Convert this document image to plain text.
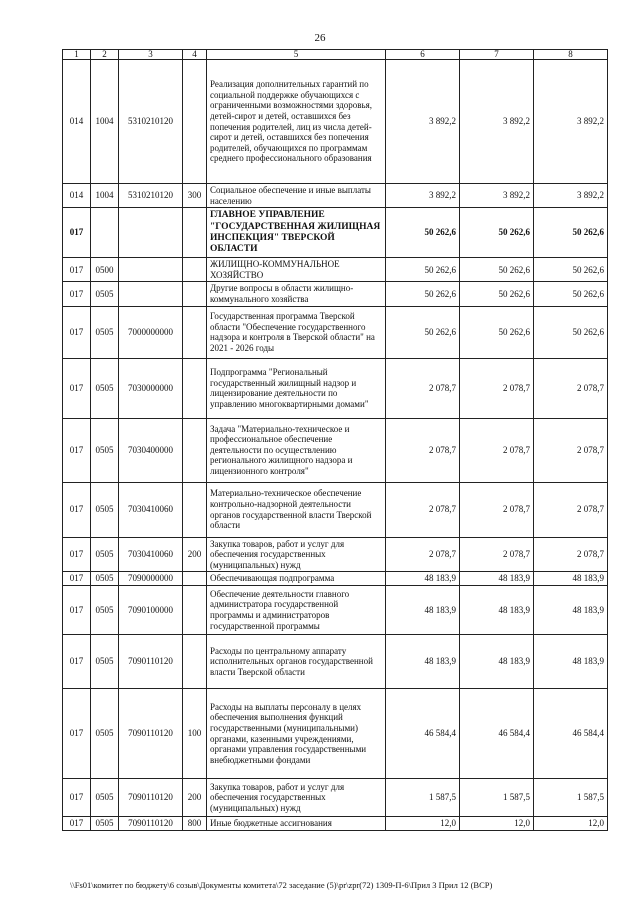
26
1	2	3	4	5	6	7	8
014	1004	5310210120		Реализация дополнительных гарантий по социальной поддержке обучающихся с ограниченными возможностями здоровья, детей-сирот и детей, оставшихся без попечения родителей, лиц из числа детей-сирот и детей, оставшихся без попечения родителей, обучающихся по программам среднего профессионального образования	3 892,2	3 892,2	3 892,2
014	1004	5310210120	300	Социальное обеспечение и иные выплаты населению	3 892,2	3 892,2	3 892,2
017				ГЛАВНОЕ УПРАВЛЕНИЕ "ГОСУДАРСТВЕННАЯ ЖИЛИЩНАЯ ИНСПЕКЦИЯ" ТВЕРСКОЙ ОБЛАСТИ	50 262,6	50 262,6	50 262,6
017	0500			ЖИЛИЩНО-КОММУНАЛЬНОЕ ХОЗЯЙСТВО	50 262,6	50 262,6	50 262,6
017	0505			Другие вопросы в области жилищно-коммунального хозяйства	50 262,6	50 262,6	50 262,6
017	0505	7000000000		Государственная программа Тверской области "Обеспечение государственного надзора и контроля в Тверской области" на 2021 - 2026 годы	50 262,6	50 262,6	50 262,6
017	0505	7030000000		Подпрограмма "Региональный государственный жилищный надзор и лицензирование деятельности по управлению многоквартирными домами"	2 078,7	2 078,7	2 078,7
017	0505	7030400000		Задача "Материально-техническое и профессиональное обеспечение деятельности по осуществлению регионального жилищного надзора и лицензионного контроля"	2 078,7	2 078,7	2 078,7
017	0505	7030410060		Материально-техническое обеспечение контрольно-надзорной деятельности органов государственной власти Тверской области	2 078,7	2 078,7	2 078,7
017	0505	7030410060	200	Закупка товаров, работ и услуг для обеспечения государственных (муниципальных) нужд	2 078,7	2 078,7	2 078,7
017	0505	7090000000		Обеспечивающая подпрограмма	48 183,9	48 183,9	48 183,9
017	0505	7090100000		Обеспечение деятельности главного администратора государственной программы и администраторов государственной программы	48 183,9	48 183,9	48 183,9
017	0505	7090110120		Расходы по центральному аппарату исполнительных органов государственной власти Тверской области	48 183,9	48 183,9	48 183,9
017	0505	7090110120	100	Расходы на выплаты персоналу в целях обеспечения выполнения функций государственными (муниципальными) органами, казенными учреждениями, органами управления государственными внебюджетными фондами	46 584,4	46 584,4	46 584,4
017	0505	7090110120	200	Закупка товаров, работ и услуг для обеспечения государственных (муниципальных) нужд	1 587,5	1 587,5	1 587,5
017	0505	7090110120	800	Иные бюджетные ассигнования	12,0	12,0	12,0
\\Fs01\комитет по бюджету\6 созыв\Документы комитета\72 заседание (5)\pr\zpr(72) 1309-П-6\Прил 3 Прил 12 (ВСР)
